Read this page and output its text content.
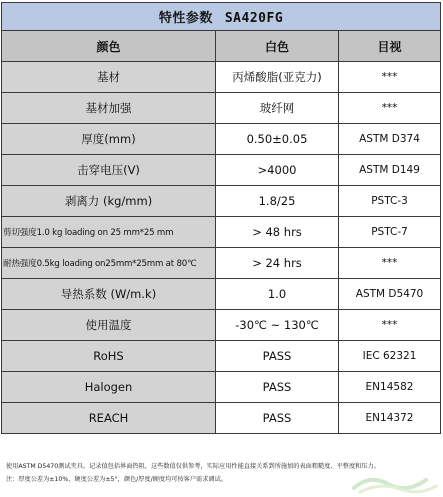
特性参数 SA420FG		
颜色	白色	目视
基材	丙烯酸脂(亚克力)	***
基材加强	玻纤网	***
厚度(mm)	0.50±0.05	ASTM D374
击穿电压(V)	>4000	ASTM D149
剥离力 (kg/mm)	1.8/25	PSTC-3
剪切强度1.0 kg loading on 25 mm*25 mm	> 48 hrs	PSTC-7
耐热强度0.5kg loading on25mm*25mm at 80℃	> 24 hrs	***
导热系数 (W/m.k)	1.0	ASTM D5470
使用温度	-30℃ ~ 130℃	***
RoHS	PASS	IEC 62321
Halogen	PASS	EN14582
REACH	PASS	EN14372
使用ASTM D5470测试夹具。记录值包括界面热阻，这些数值仅供参考，实际应用性能直接关系到所施加的表面粗糙度、平整度和压力。
注：厚度公差为±10%，硬度公差为±5°，颜色/厚度/硬度均可按客户需求调试。
